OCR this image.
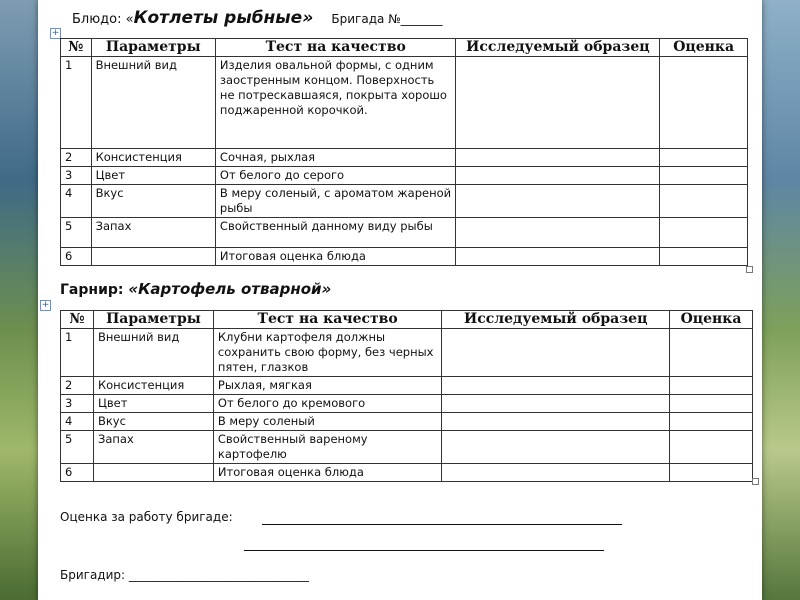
Блюдо: «Котлеты рыбные» Бригада №_______
+
№	Параметры	Тест на качество	Исследуемый образец	Оценка
1	Внешний вид	Изделия овальной формы, с одним заостренным концом. Поверхность не потрескавшаяся, покрыта хорошо поджаренной корочкой.		
2	Консистенция	Сочная, рыхлая		
3	Цвет	От белого до серого		
4	Вкус	В меру соленый, с ароматом жареной рыбы		
5	Запах	Свойственный данному виду рыбы		
6		Итоговая оценка блюда		
Гарнир: «Картофель отварной»
+
№	Параметры	Тест на качество	Исследуемый образец	Оценка
1	Внешний вид	Клубни картофеля должны сохранить свою форму, без черных пятен, глазков		
2	Консистенция	Рыхлая, мягкая		
3	Цвет	От белого до кремового		
4	Вкус	В меру соленый		
5	Запах	Свойственный вареному картофелю		
6		Итоговая оценка блюда		
Оценка за работу бригаде:
Бригадир: ______________________________
